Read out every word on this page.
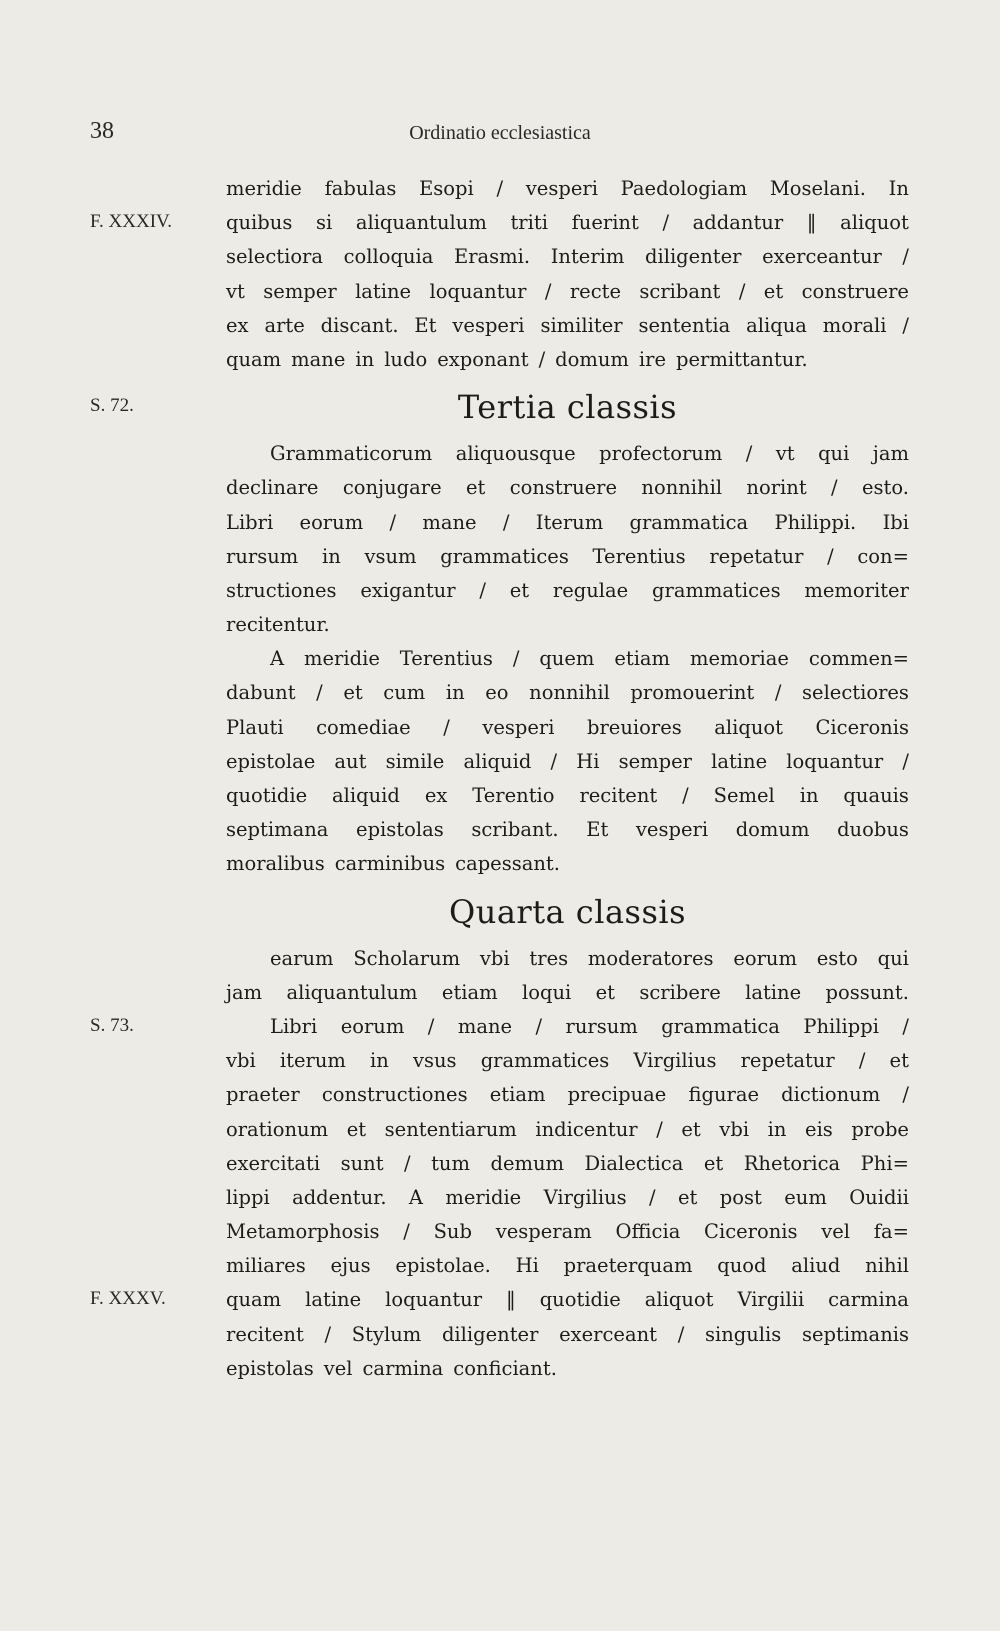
38	Ordinatio ecclesiastica
meridie fabulas Esopi / vesperi Paedologiam Moselani. In
quibus si aliquantulum triti fuerint / addantur ‖ aliquot
selectiora colloquia Erasmi. Interim diligenter exerceantur /
vt semper latine loquantur / recte scribant / et construere
ex arte discant. Et vesperi similiter sententia aliqua morali /
quam mane in ludo exponant / domum ire permittantur.
Tertia classis
Grammaticorum aliquousque profectorum / vt qui jam
declinare conjugare et construere nonnihil norint / esto.
Libri eorum / mane / Iterum grammatica Philippi. Ibi
rursum in vsum grammatices Terentius repetatur / con=
structiones exigantur / et regulae grammatices memoriter
recitentur.
A meridie Terentius / quem etiam memoriae commen=
dabunt / et cum in eo nonnihil promouerint / selectiores
Plauti comediae / vesperi breuiores aliquot Ciceronis
epistolae aut simile aliquid / Hi semper latine loquantur /
quotidie aliquid ex Terentio recitent / Semel in quauis
septimana epistolas scribant. Et vesperi domum duobus
moralibus carminibus capessant.
Quarta classis
earum Scholarum vbi tres moderatores eorum esto qui
jam aliquantulum etiam loqui et scribere latine possunt.
Libri eorum / mane / rursum grammatica Philippi /
vbi iterum in vsus grammatices Virgilius repetatur / et
praeter constructiones etiam precipuae figurae dictionum /
orationum et sententiarum indicentur / et vbi in eis probe
exercitati sunt / tum demum Dialectica et Rhetorica Phi=
lippi addentur. A meridie Virgilius / et post eum Ouidii
Metamorphosis / Sub vesperam Officia Ciceronis vel fa=
miliares ejus epistolae. Hi praeterquam quod aliud nihil
quam latine loquantur ‖ quotidie aliquot Virgilii carmina
recitent / Stylum diligenter exerceant / singulis septimanis
epistolas vel carmina conficiant.
F. XXXIV.
S. 72.
S. 73.
F. XXXV.
